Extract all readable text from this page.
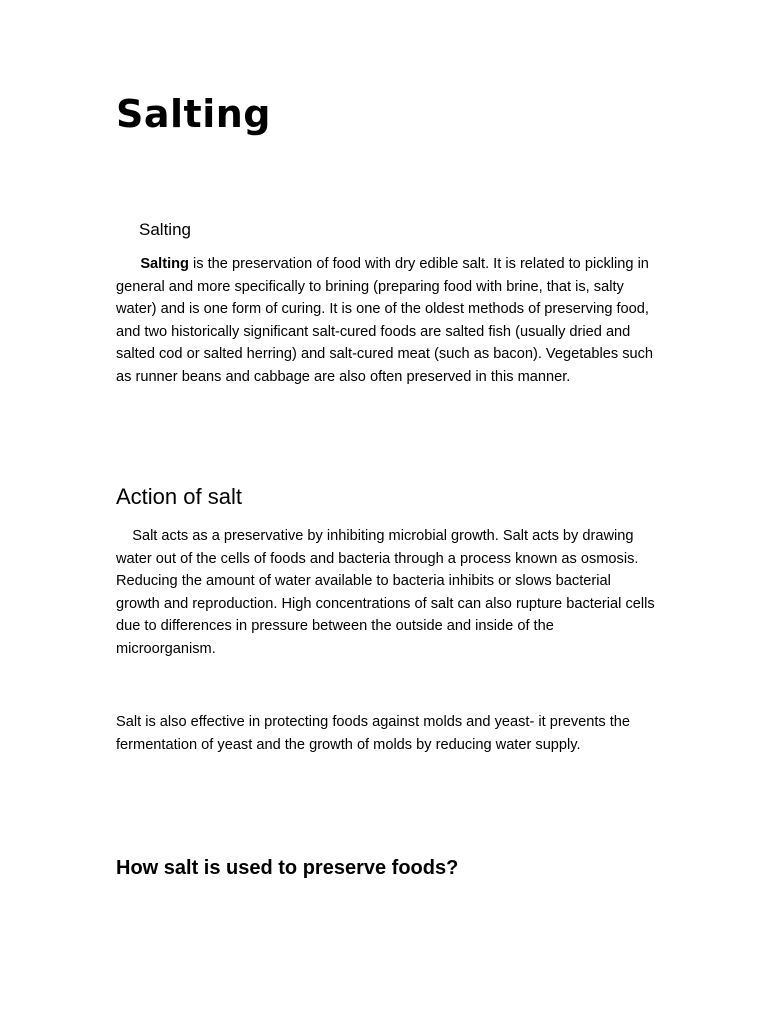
Salting

Salting

Salting is the preservation of food with dry edible salt. It is related to pickling in general and more specifically to brining (preparing food with brine, that is, salty water) and is one form of curing. It is one of the oldest methods of preserving food, and two historically significant salt-cured foods are salted fish (usually dried and salted cod or salted herring) and salt-cured meat (such as bacon). Vegetables such as runner beans and cabbage are also often preserved in this manner.

Action of salt

Salt acts as a preservative by inhibiting microbial growth. Salt acts by drawing water out of the cells of foods and bacteria through a process known as osmosis. Reducing the amount of water available to bacteria inhibits or slows bacterial growth and reproduction. High concentrations of salt can also rupture bacterial cells due to differences in pressure between the outside and inside of the microorganism.

Salt is also effective in protecting foods against molds and yeast- it prevents the fermentation of yeast and the growth of molds by reducing water supply.

How salt is used to preserve foods?
